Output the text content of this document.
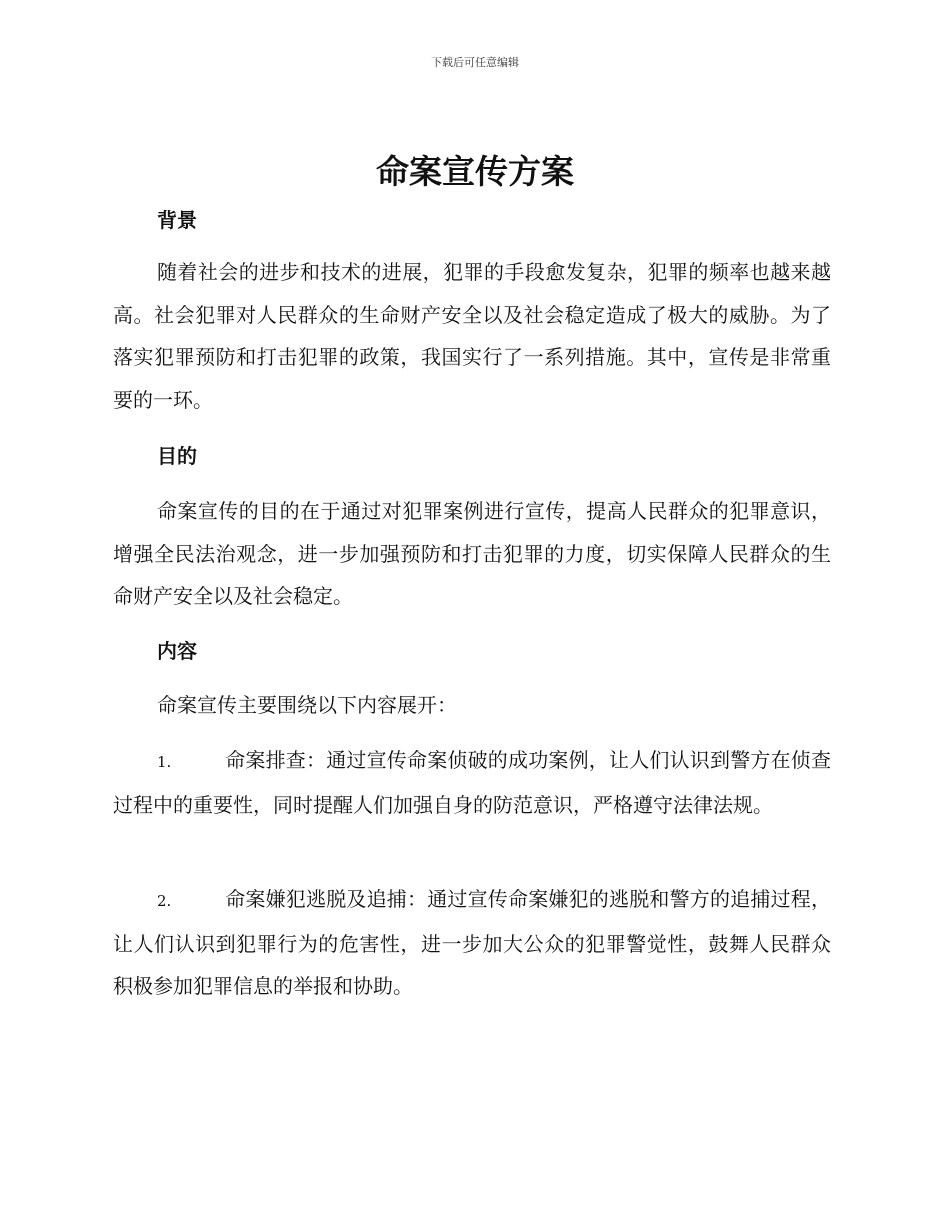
下载后可任意编辑
命案宣传方案
背景

随着社会的进步和技术的进展，犯罪的手段愈发复杂，犯罪的频率也越来越高。社会犯罪对人民群众的生命财产安全以及社会稳定造成了极大的威胁。为了落实犯罪预防和打击犯罪的政策，我国实行了一系列措施。其中，宣传是非常重要的一环。

目的

命案宣传的目的在于通过对犯罪案例进行宣传，提高人民群众的犯罪意识，增强全民法治观念，进一步加强预防和打击犯罪的力度，切实保障人民群众的生命财产安全以及社会稳定。

内容

命案宣传主要围绕以下内容展开：

1.	命案排查：通过宣传命案侦破的成功案例，让人们认识到警方在侦查过程中的重要性，同时提醒人们加强自身的防范意识，严格遵守法律法规。

2.	命案嫌犯逃脱及追捕：通过宣传命案嫌犯的逃脱和警方的追捕过程，让人们认识到犯罪行为的危害性，进一步加大公众的犯罪警觉性，鼓舞人民群众积极参加犯罪信息的举报和协助。
